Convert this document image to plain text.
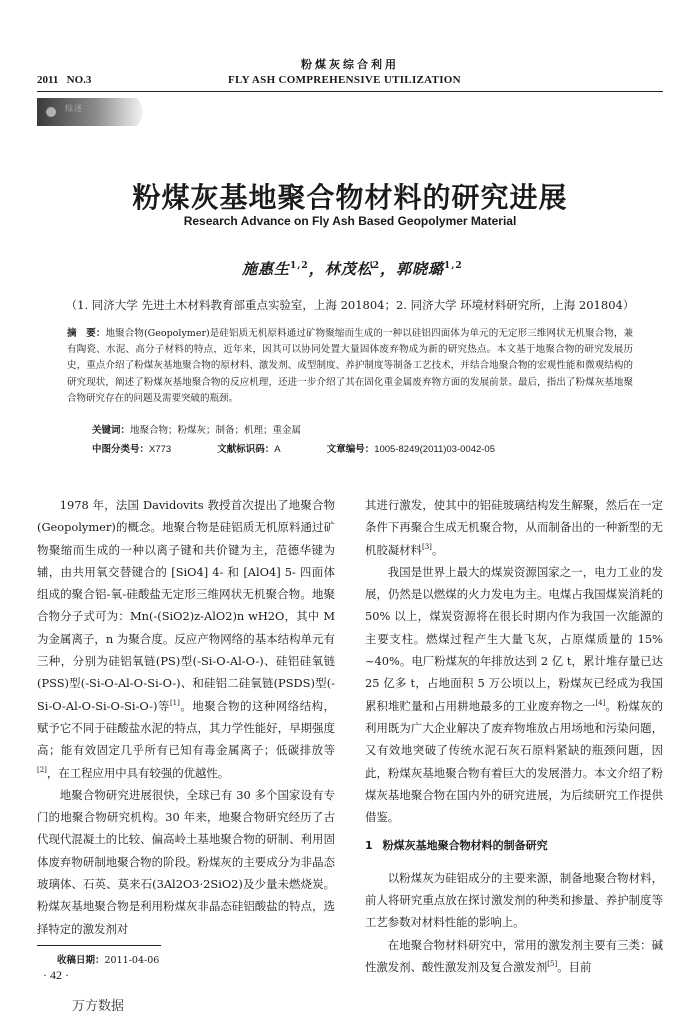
粉煤灰综合利用
2011   NO.3	FLY ASH COMPREHENSIVE UTILIZATION
综述
粉煤灰基地聚合物材料的研究进展
Research Advance on Fly Ash Based Geopolymer Material
施惠生$^{1,2}$，林茂松$^2$，郭晓璐$^{1,2}$
（1. 同济大学 先进土木材料教育部重点实验室，上海 201804；2. 同济大学 环境材料研究所，上海 201804）
摘　要：地聚合物(Geopolymer)是硅铝质无机原料通过矿物聚缩而生成的一种以硅铝四面体为单元的无定形三维网状无机聚合物，兼有陶瓷、水泥、高分子材料的特点，近年来，因其可以协同处置大量固体废弃物成为新的研究热点。本文基于地聚合物的研究发展历史，重点介绍了粉煤灰基地聚合物的原材料、激发剂、成型制度、养护制度等制备工艺技术，并结合地聚合物的宏观性能和微观结构的研究现状，阐述了粉煤灰基地聚合物的反应机理，还进一步介绍了其在固化重金属废弃物方面的发展前景。最后，指出了粉煤灰基地聚合物研究存在的问题及需要突破的瓶颈。
关键词：地聚合物；粉煤灰；制备；机理；重金属
中图分类号：X773	文献标识码：A	文章编号：1005-8249(2011)03-0042-05

1978 年，法国 Davidovits 教授首次提出了地聚合物(Geopolymer)的概念。地聚合物是硅铝质无机原料通过矿物聚缩而生成的一种以离子键和共价键为主，范德华键为辅，由共用氧交替键合的 [SiO4] 4- 和 [AlO4] 5- 四面体组成的聚合铝-氧-硅酸盐无定形三维网状无机聚合物。地聚合物分子式可为：Mn(-(SiO2)z-AlO2)n wH2O，其中 M 为金属离子，n 为聚合度。反应产物网络的基本结构单元有三种，分别为硅铝氧链(PS)型(-Si-O-Al-O-)、硅铝硅氧链(PSS)型(-Si-O-Al-O-Si-O-)、和硅铝二硅氧链(PSDS)型(-Si-O-Al-O-Si-O-Si-O-)等[1]。地聚合物的这种网络结构，赋予它不同于硅酸盐水泥的特点，其力学性能好，早期强度高；能有效固定几乎所有已知有毒金属离子；低碳排放等[2]，在工程应用中具有较强的优越性。

地聚合物研究进展很快，全球已有 30 多个国家设有专门的地聚合物研究机构。30 年来，地聚合物研究经历了古代现代混凝土的比较、偏高岭土基地聚合物的研制、利用固体废弃物研制地聚合物的阶段。粉煤灰的主要成分为非晶态玻璃体、石英、莫来石(3Al2O3·2SiO2)及少量未燃烧炭。粉煤灰基地聚合物是利用粉煤灰非晶态硅铝酸盐的特点，选择特定的激发剂对

其进行激发，使其中的铝硅玻璃结构发生解聚，然后在一定条件下再聚合生成无机聚合物，从而制备出的一种新型的无机胶凝材料[3]。

我国是世界上最大的煤炭资源国家之一，电力工业的发展，仍然是以燃煤的火力发电为主。电煤占我国煤炭消耗的 50% 以上，煤炭资源将在很长时期内作为我国一次能源的主要支柱。燃煤过程产生大量飞灰，占原煤质量的 15% ~40%。电厂粉煤灰的年排放达到 2 亿 t，累计堆存量已达 25 亿多 t，占地面积 5 万公顷以上，粉煤灰已经成为我国累积堆贮量和占用耕地最多的工业废弃物之一[4]。粉煤灰的利用既为广大企业解决了废弃物堆放占用场地和污染问题，又有效地突破了传统水泥石灰石原料紧缺的瓶颈问题，因此，粉煤灰基地聚合物有着巨大的发展潜力。本文介绍了粉煤灰基地聚合物在国内外的研究进展，为后续研究工作提供借鉴。

1 粉煤灰基地聚合物材料的制备研究

以粉煤灰为硅铝成分的主要来源，制备地聚合物材料，前人将研究重点放在探讨激发剂的种类和掺量、养护制度等工艺参数对材料性能的影响上。

在地聚合物材料研究中，常用的激发剂主要有三类：碱性激发剂、酸性激发剂及复合激发剂[5]。目前

收稿日期：2011-04-06
· 42 ·
万方数据
